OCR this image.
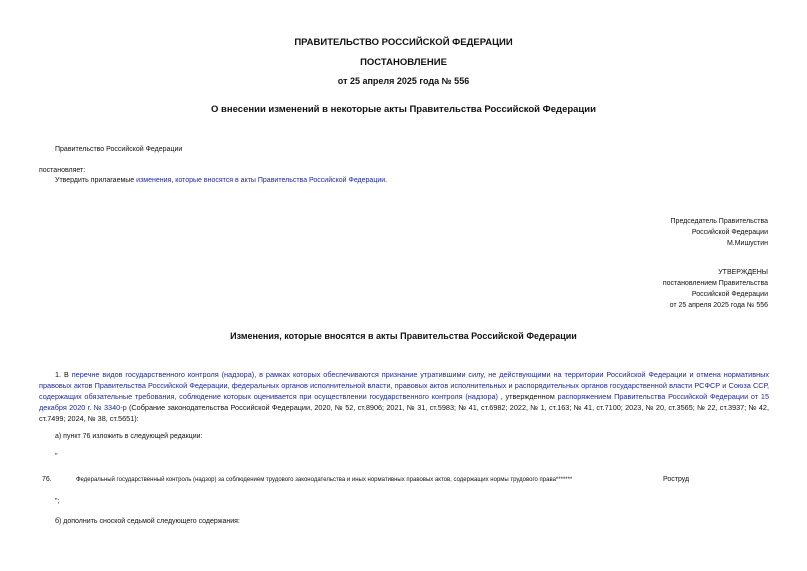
ПРАВИТЕЛЬСТВО РОССИЙСКОЙ ФЕДЕРАЦИИ
ПОСТАНОВЛЕНИЕ
от 25 апреля 2025 года № 556
О внесении изменений в некоторые акты Правительства Российской Федерации
Правительство Российской Федерации
постановляет:
Утвердить прилагаемые изменения, которые вносятся в акты Правительства Российской Федерации.
Председатель Правительства
Российской Федерации
М.Мишустин
УТВЕРЖДЕНЫ
постановлением Правительства
Российской Федерации
от 25 апреля 2025 года № 556
Изменения, которые вносятся в акты Правительства Российской Федерации
1. В перечне видов государственного контроля (надзора), в рамках которых обеспечиваются признание утратившими силу, не действующими на территории Российской Федерации и отмена нормативных правовых актов Правительства Российской Федерации, федеральных органов исполнительной власти, правовых актов исполнительных и распорядительных органов государственной власти РСФСР и Союза ССР, содержащих обязательные требования, соблюдение которых оценивается при осуществлении государственного контроля (надзора) , утвержденном распоряжением Правительства Российской Федерации от 15 декабря 2020 г. № 3340-р (Собрание законодательства Российской Федерации, 2020, № 52, ст.8906; 2021, № 31, ст.5983; № 41, ст.6982; 2022, № 1, ст.163; № 41, ст.7100; 2023, № 20, ст.3565; № 22, ст.3937; № 42, ст.7499; 2024, № 38, ст.5651):
а) пункт 76 изложить в следующей редакции:
"
76.	Федеральный государственный контроль (надзор) за соблюдением трудового законодательства и иных нормативных правовых актов, содержащих нормы трудового права*******	Роструд
";
б) дополнить сноской седьмой следующего содержания:
